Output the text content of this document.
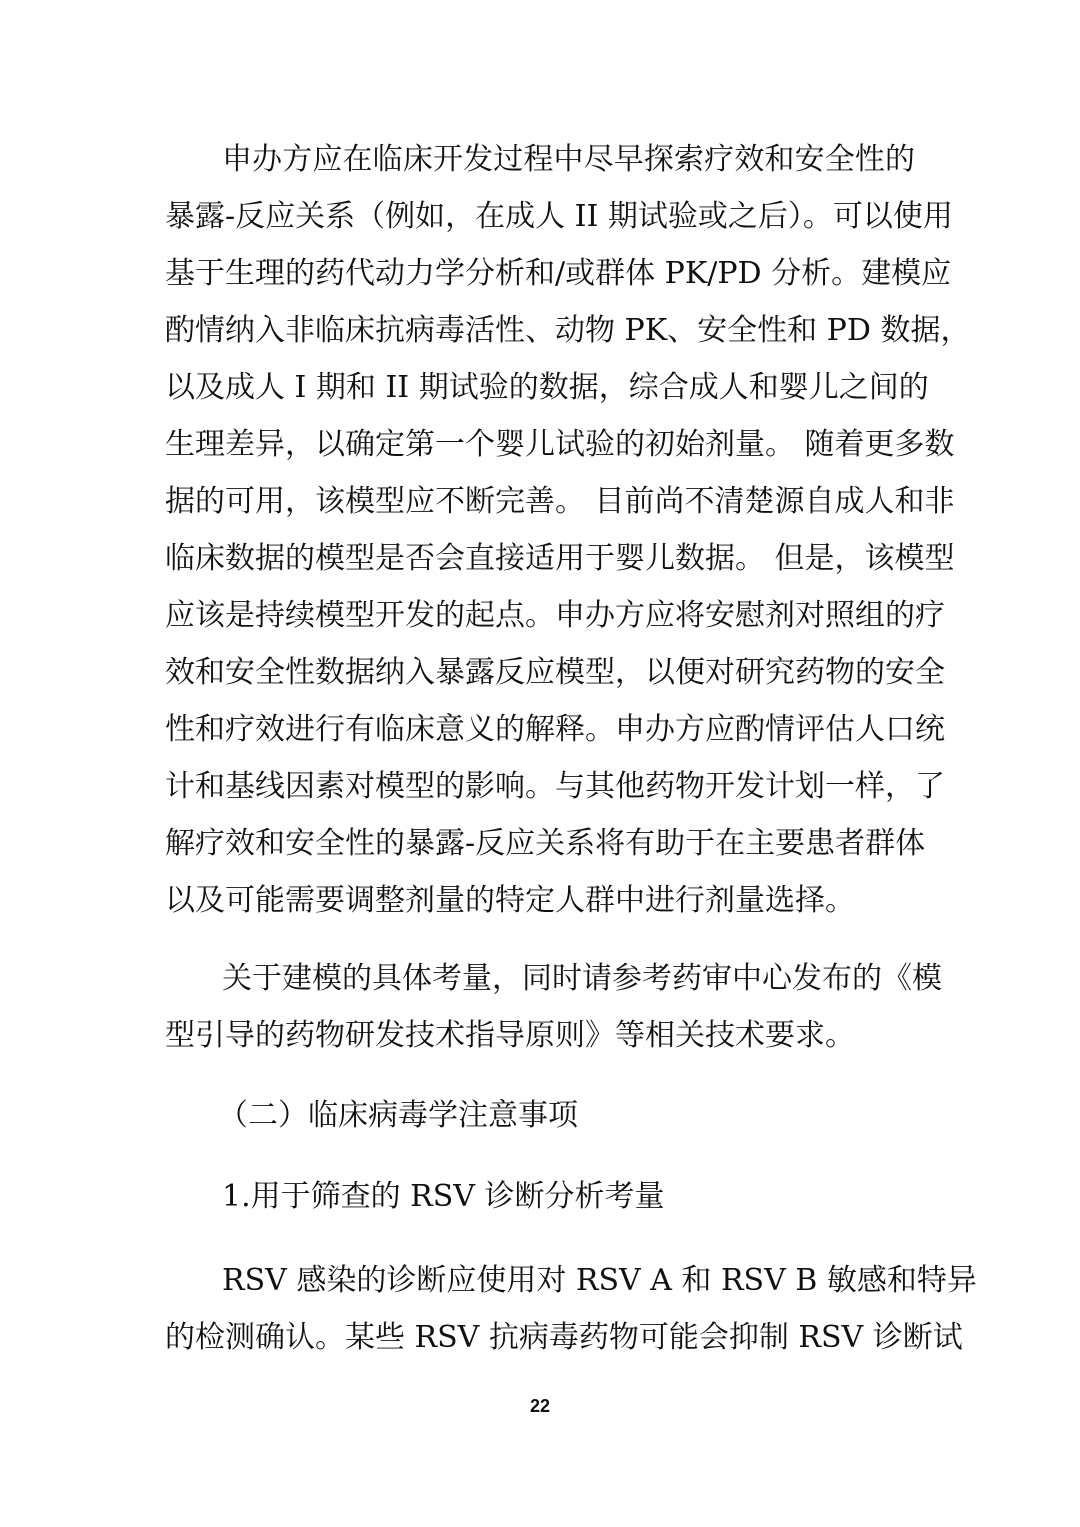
申办方应在临床开发过程中尽早探索疗效和安全性的
暴露-反应关系（例如，在成人 II 期试验或之后）。可以使用
基于生理的药代动力学分析和/或群体 PK/PD 分析。建模应
酌情纳入非临床抗病毒活性、动物 PK、安全性和 PD 数据，
以及成人 I 期和 II 期试验的数据，综合成人和婴儿之间的
生理差异，以确定第一个婴儿试验的初始剂量。 随着更多数
据的可用，该模型应不断完善。 目前尚不清楚源自成人和非
临床数据的模型是否会直接适用于婴儿数据。 但是，该模型
应该是持续模型开发的起点。申办方应将安慰剂对照组的疗
效和安全性数据纳入暴露反应模型，以便对研究药物的安全
性和疗效进行有临床意义的解释。申办方应酌情评估人口统
计和基线因素对模型的影响。与其他药物开发计划一样，了
解疗效和安全性的暴露-反应关系将有助于在主要患者群体
以及可能需要调整剂量的特定人群中进行剂量选择。
关于建模的具体考量，同时请参考药审中心发布的《模
型引导的药物研发技术指导原则》等相关技术要求。
（二）临床病毒学注意事项
1.用于筛查的 RSV 诊断分析考量
RSV 感染的诊断应使用对 RSV A 和 RSV B 敏感和特异
的检测确认。某些 RSV 抗病毒药物可能会抑制 RSV 诊断试
22
